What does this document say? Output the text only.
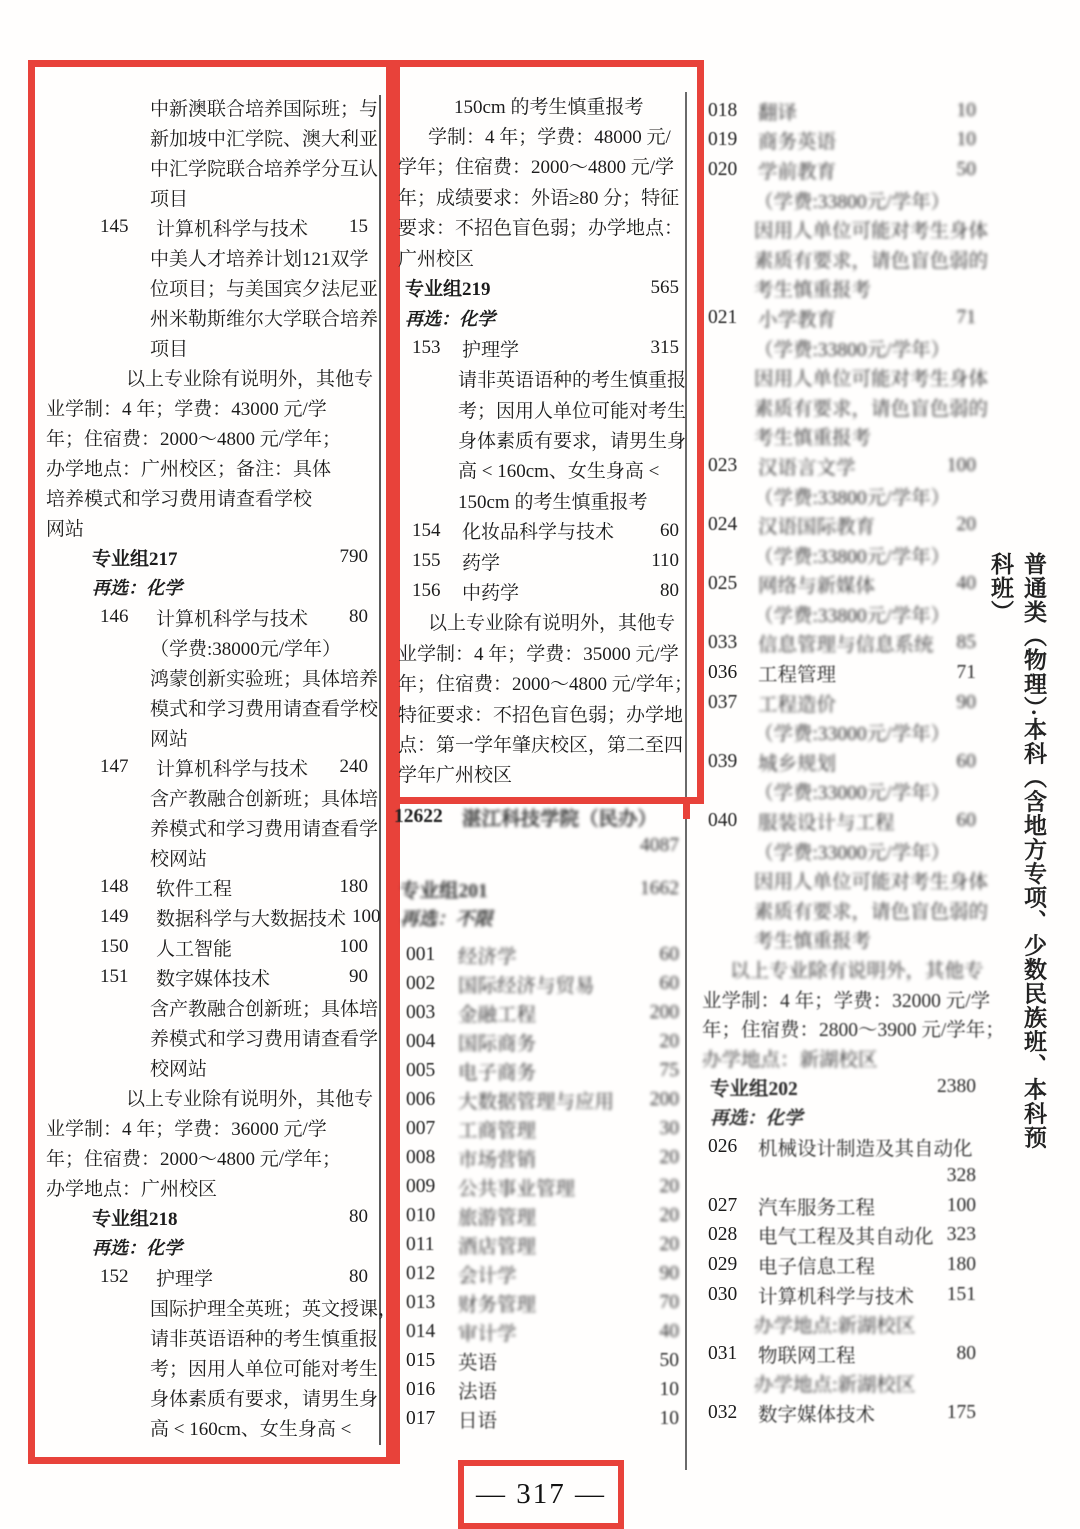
中新澳联合培养国际班；与
新加坡中汇学院、澳大利亚
中汇学院联合培养学分互认
项目
145	计算机科学与技术	15
中美人才培养计划121双学
位项目；与美国宾夕法尼亚
州米勒斯维尔大学联合培养
项目
以上专业除有说明外，其他专
业学制：4 年；学费：43000 元/学
年；住宿费：2000～4800 元/学年；
办学地点：广州校区；备注：具体
培养模式和学习费用请查看学校
网站
专业组217	790
再选：化学
146	计算机科学与技术	80
（学费:38000元/学年）
鸿蒙创新实验班；具体培养
模式和学习费用请查看学校
网站
147	计算机科学与技术	240
含产教融合创新班；具体培
养模式和学习费用请查看学
校网站
148	软件工程	180
149	数据科学与大数据技术 100
150	人工智能	100
151	数字媒体技术	90
含产教融合创新班；具体培
养模式和学习费用请查看学
校网站
以上专业除有说明外，其他专
业学制：4 年；学费：36000 元/学
年；住宿费：2000～4800 元/学年；
办学地点：广州校区
专业组218	80
再选：化学
152	护理学	80
国际护理全英班；英文授课，
请非英语语种的考生慎重报
考；因用人单位可能对考生
身体素质有要求，请男生身
高 < 160cm、女生身高 <
150cm 的考生慎重报考
学制：4 年；学费：48000 元/
学年；住宿费：2000～4800 元/学
年；成绩要求：外语≥80 分；特征
要求：不招色盲色弱；办学地点：
广州校区
专业组219	565
再选：化学
153	护理学	315
请非英语语种的考生慎重报
考；因用人单位可能对考生
身体素质有要求，请男生身
高 < 160cm、女生身高 <
150cm 的考生慎重报考
154	化妆品科学与技术	60
155	药学	110
156	中药学	80
以上专业除有说明外，其他专
业学制：4 年；学费：35000 元/学
年；住宿费：2000～4800 元/学年；
特征要求：不招色盲色弱；办学地
点：第一学年肇庆校区，第二至四
学年广州校区
12622 湛江科技学院（民办）
4087
专业组201	1662
再选：不限
001	经济学	60
002	国际经济与贸易	60
003	金融工程	200
004	国际商务	20
005	电子商务	75
006	大数据管理与应用	200
007	工商管理	30
008	市场营销	20
009	公共事业管理	20
010	旅游管理	20
011	酒店管理	20
012	会计学	90
013	财务管理	70
014	审计学	40
015	英语	50
016	法语	10
017	日语	10
018	翻译	10
019	商务英语	10
020	学前教育	50
（学费:33800元/学年）
因用人单位可能对考生身体
素质有要求，请色盲色弱的
考生慎重报考
021	小学教育	71
（学费:33800元/学年）
因用人单位可能对考生身体
素质有要求，请色盲色弱的
考生慎重报考
023	汉语言文学	100
（学费:33800元/学年）
024	汉语国际教育	20
（学费:33800元/学年）
025	网络与新媒体	40
（学费:33800元/学年）
033	信息管理与信息系统	85
036	工程管理	71
037	工程造价	90
（学费:33000元/学年）
039	城乡规划	60
（学费:33000元/学年）
040	服装设计与工程	60
（学费:33000元/学年）
因用人单位可能对考生身体
素质有要求，请色盲色弱的
考生慎重报考
以上专业除有说明外，其他专
业学制：4 年；学费：32000 元/学
年；住宿费：2800～3900 元/学年；
办学地点：新湖校区
专业组202	2380
再选：化学
026	机械设计制造及其自动化
328
027	汽车服务工程	100
028	电气工程及其自动化 323
029	电子信息工程	180
030	计算机科学与技术	151
办学地点:新湖校区
031	物联网工程	80
办学地点:新湖校区
032	数字媒体技术	175
普通类（物理）·本科（含地方专项、少数民族班、本科预科班）
— 317 —
